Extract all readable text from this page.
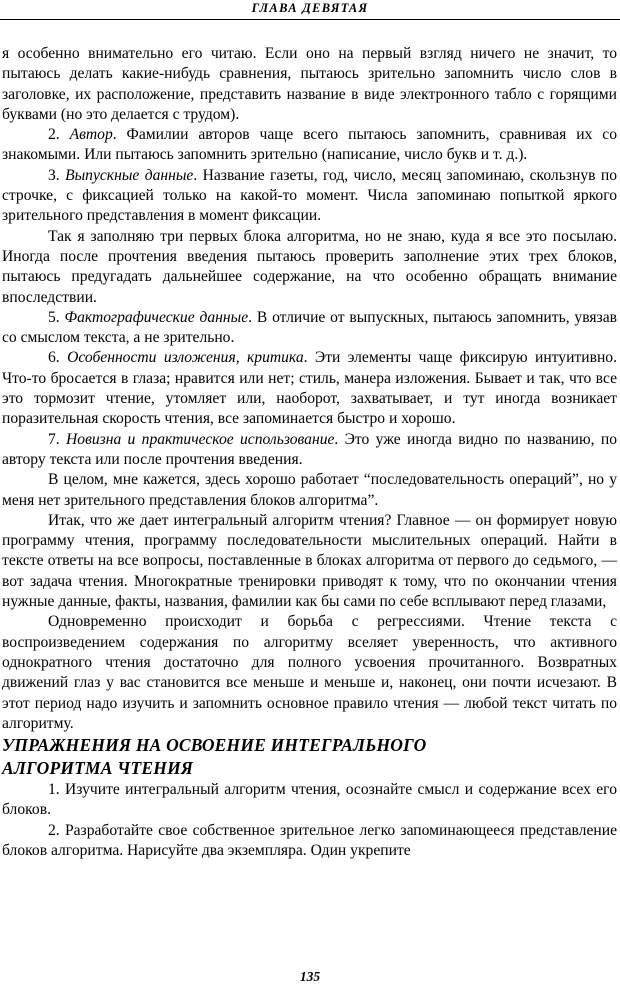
ГЛАВА ДЕВЯТАЯ

я особенно внимательно его читаю. Если оно на первый взгляд ничего не значит, то пытаюсь делать какие-нибудь сравнения, пытаюсь зрительно запомнить число слов в заголовке, их расположение, представить название в виде электронного табло с горящими буквами (но это делается с трудом).

2. Автор. Фамилии авторов чаще всего пытаюсь запомнить, сравнивая их со знакомыми. Или пытаюсь запомнить зрительно (написание, число букв и т. д.).

3. Выпускные данные. Название газеты, год, число, месяц запоминаю, скользнув по строчке, с фиксацией только на какой-то момент. Числа запоминаю попыткой яркого зрительного представления в момент фиксации.

Так я заполняю три первых блока алгоритма, но не знаю, куда я все это посылаю. Иногда после прочтения введения пытаюсь проверить заполнение этих трех блоков, пытаюсь предугадать дальнейшее содержание, на что особенно обращать внимание впоследствии.

5. Фактографические данные. В отличие от выпускных, пытаюсь запомнить, увязав со смыслом текста, а не зрительно.

6. Особенности изложения, критика. Эти элементы чаще фиксирую интуитивно. Что-то бросается в глаза; нравится или нет; стиль, манера изложения. Бывает и так, что все это тормозит чтение, утомляет или, наоборот, захватывает, и тут иногда возникает поразительная скорость чтения, все запоминается быстро и хорошо.

7. Новизна и практическое использование. Это уже иногда видно по названию, по автору текста или после прочтения введения.

В целом, мне кажется, здесь хорошо работает “последовательность операций”, но у меня нет зрительного представления блоков алгоритма”.

Итак, что же дает интегральный алгоритм чтения? Главное — он формирует новую программу чтения, программу последовательности мыслительных операций. Найти в тексте ответы на все вопросы, поставленные в блоках алгоритма от первого до седьмого, — вот задача чтения. Многократные тренировки приводят к тому, что по окончании чтения нужные данные, факты, названия, фамилии как бы сами по себе всплывают перед глазами,

Одновременно происходит и борьба с регрессиями. Чтение текста с воспроизведением содержания по алгоритму вселяет уверенность, что активного однократного чтения достаточно для полного усвоения прочитанного. Возвратных движений глаз у вас становится все меньше и меньше и, наконец, они почти исчезают. В этот период надо изучить и запомнить основное правило чтения — любой текст читать по алгоритму.

УПРАЖНЕНИЯ НА ОСВОЕНИЕ ИНТЕГРАЛЬНОГО
АЛГОРИТМА ЧТЕНИЯ

1. Изучите интегральный алгоритм чтения, осознайте смысл и содержание всех его блоков.

2. Разработайте свое собственное зрительное легко запоминающееся представление блоков алгоритма. Нарисуйте два экземпляра. Один укрепите

135
